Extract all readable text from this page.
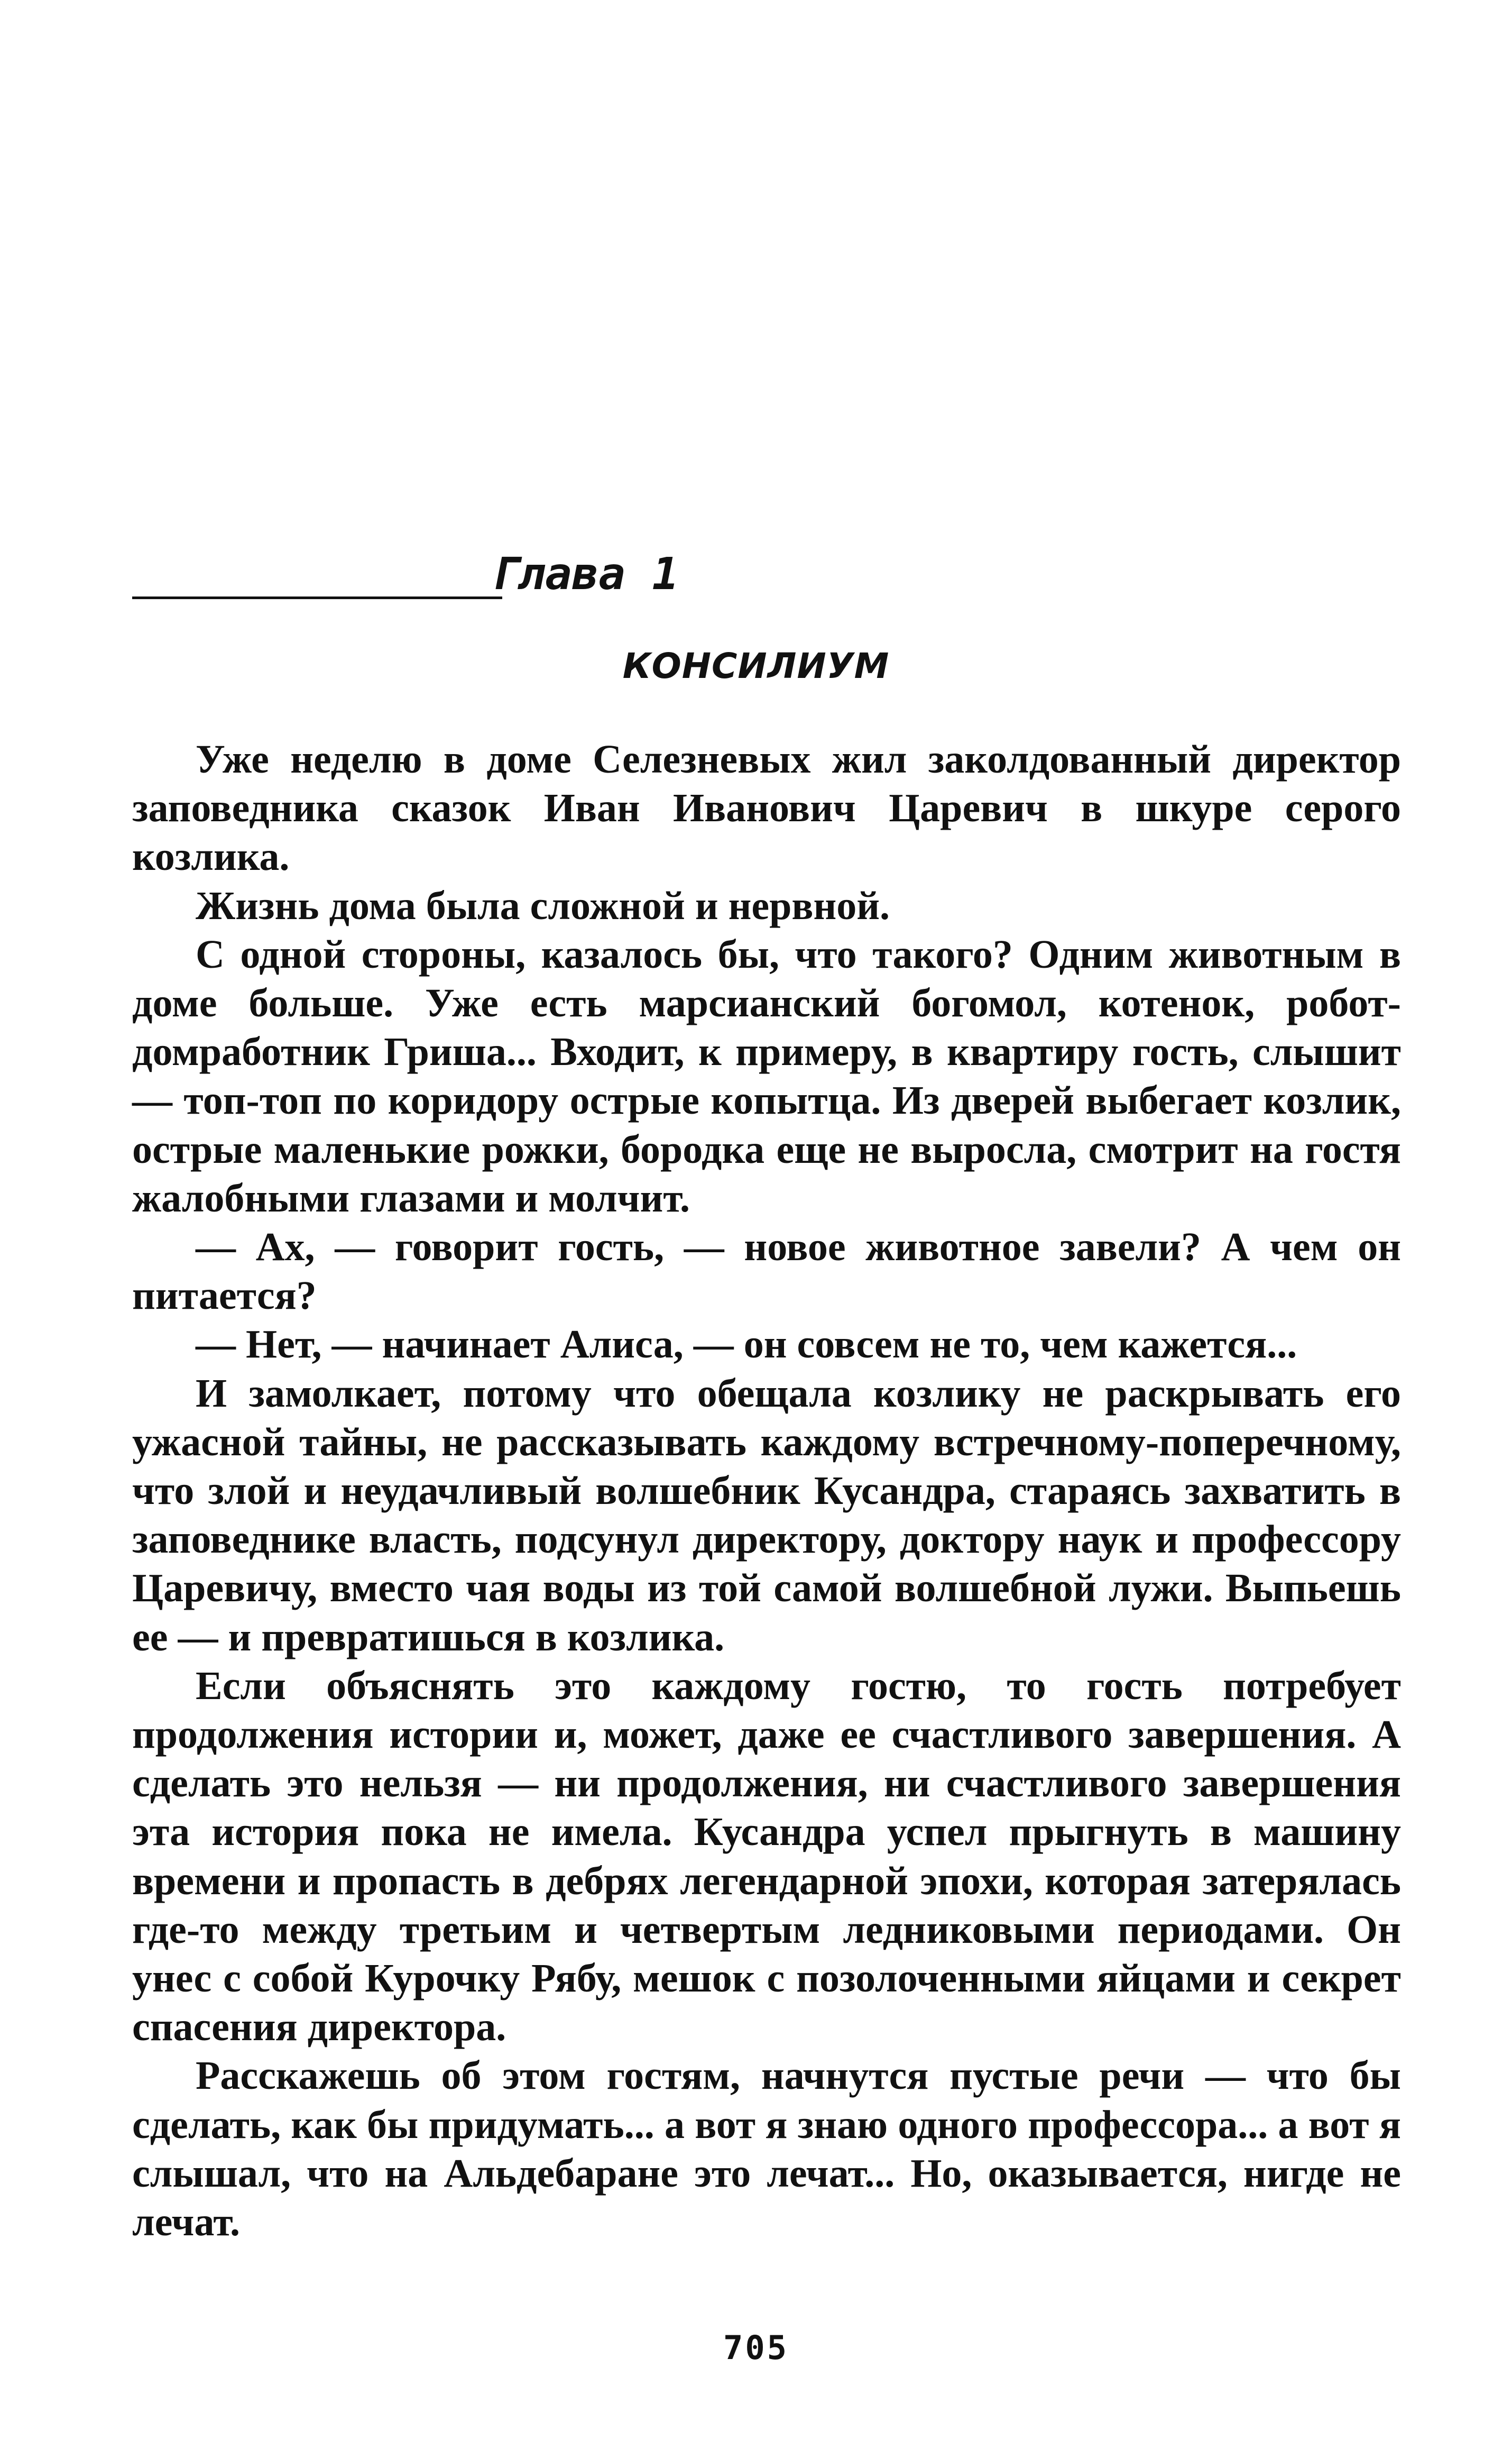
Глава 1
КОНСИЛИУМ

Уже неделю в доме Селезневых жил заколдованный директор заповедника сказок Иван Иванович Царевич в шкуре серого козлика.

Жизнь дома была сложной и нервной.

С одной стороны, казалось бы, что такого? Одним животным в доме больше. Уже есть марсианский богомол, котенок, робот-домработник Гриша... Входит, к примеру, в квартиру гость, слышит — топ-топ по коридору острые копытца. Из дверей выбегает козлик, острые маленькие рожки, бородка еще не выросла, смотрит на гостя жалобными глазами и молчит.

— Ах, — говорит гость, — новое животное завели? А чем он питается?

— Нет, — начинает Алиса, — он совсем не то, чем кажется...

И замолкает, потому что обещала козлику не раскрывать его ужасной тайны, не рассказывать каждому встречному-поперечному, что злой и неудачливый волшебник Кусандра, стараясь захватить в заповеднике власть, подсунул директору, доктору наук и профессору Царевичу, вместо чая воды из той самой волшебной лужи. Выпьешь ее — и превратишься в козлика.

Если объяснять это каждому гостю, то гость потребует продолжения истории и, может, даже ее счастливого завершения. А сделать это нельзя — ни продолжения, ни счастливого завершения эта история пока не имела. Кусандра успел прыгнуть в машину времени и пропасть в дебрях легендарной эпохи, которая затерялась где-то между третьим и четвертым ледниковыми периодами. Он унес с собой Курочку Рябу, мешок с позолоченными яйцами и секрет спасения директора.

Расскажешь об этом гостям, начнутся пустые речи — что бы сделать, как бы придумать... а вот я знаю одного профессора... а вот я слышал, что на Альдебаране это лечат... Но, оказывается, нигде не лечат.

705
